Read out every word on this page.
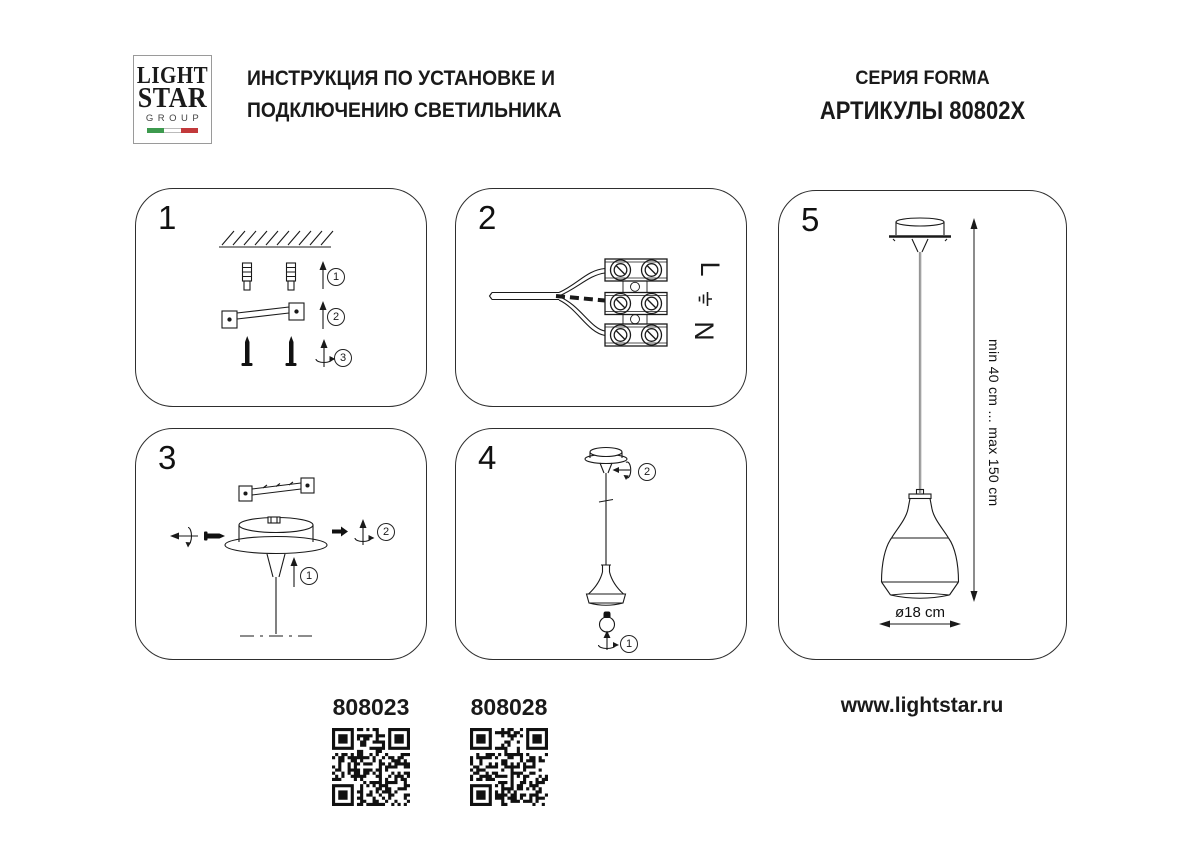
LIGHT
STAR
GROUP
ИНСТРУКЦИЯ ПО УСТАНОВКЕ И
ПОДКЛЮЧЕНИЮ СВЕТИЛЬНИКА
СЕРИЯ FORMA
АРТИКУЛЫ 80802X
1
1
2
3
2
L
N
3
1
2
4	2
1
5
min 40 cm ... max 150 cm
ø18 cm
808023	808028	www.lightstar.ru
